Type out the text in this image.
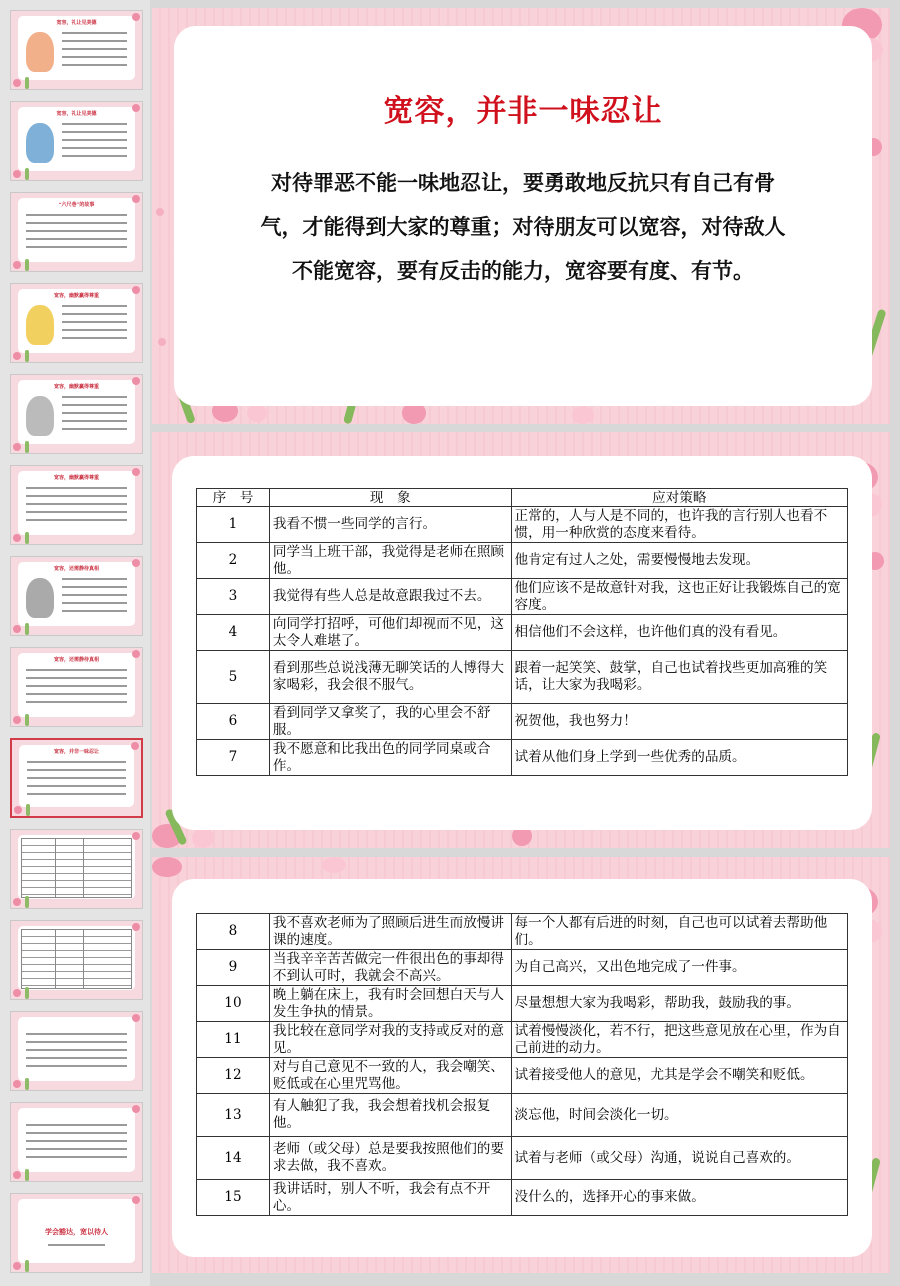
宽容，礼让见美德
宽容，礼让见美德
“六尺巷”的故事
宽容，幽默赢得尊重
宽容，幽默赢得尊重
宽容，幽默赢得尊重
宽容，还需静待真相
宽容，还需静待真相
宽容，并非一味忍让
学会豁达，宽以待人
宽容，并非一味忍让
对待罪恶不能一味地忍让，要勇敢地反抗只有自己有骨气，才能得到大家的尊重；对待朋友可以宽容，对待敌人不能宽容，要有反击的能力，宽容要有度、有节。
序　号	现　象	应对策略
1	我看不惯一些同学的言行。	正常的，人与人是不同的，也许我的言行别人也看不惯，用一种欣赏的态度来看待。
2	同学当上班干部，我觉得是老师在照顾他。	他肯定有过人之处，需要慢慢地去发现。
3	我觉得有些人总是故意跟我过不去。	他们应该不是故意针对我，这也正好让我锻炼自己的宽容度。
4	向同学打招呼，可他们却视而不见，这太令人难堪了。	相信他们不会这样，也许他们真的没有看见。
5	看到那些总说浅薄无聊笑话的人博得大家喝彩，我会很不服气。	跟着一起笑笑、鼓掌，自己也试着找些更加高雅的笑话，让大家为我喝彩。
6	看到同学又拿奖了，我的心里会不舒服。	祝贺他，我也努力！
7	我不愿意和比我出色的同学同桌或合作。	试着从他们身上学到一些优秀的品质。
8	我不喜欢老师为了照顾后进生而放慢讲课的速度。	每一个人都有后进的时刻，自己也可以试着去帮助他们。
9	当我辛辛苦苦做完一件很出色的事却得不到认可时，我就会不高兴。	为自己高兴，又出色地完成了一件事。
10	晚上躺在床上，我有时会回想白天与人发生争执的情景。	尽量想想大家为我喝彩，帮助我，鼓励我的事。
11	我比较在意同学对我的支持或反对的意见。	试着慢慢淡化，若不行，把这些意见放在心里，作为自己前进的动力。
12	对与自己意见不一致的人，我会嘲笑、贬低或在心里咒骂他。	试着接受他人的意见，尤其是学会不嘲笑和贬低。
13	有人触犯了我，我会想着找机会报复他。	淡忘他，时间会淡化一切。
14	老师（或父母）总是要我按照他们的要求去做，我不喜欢。	试着与老师（或父母）沟通，说说自己喜欢的。
15	我讲话时，别人不听，我会有点不开心。	没什么的，选择开心的事来做。
